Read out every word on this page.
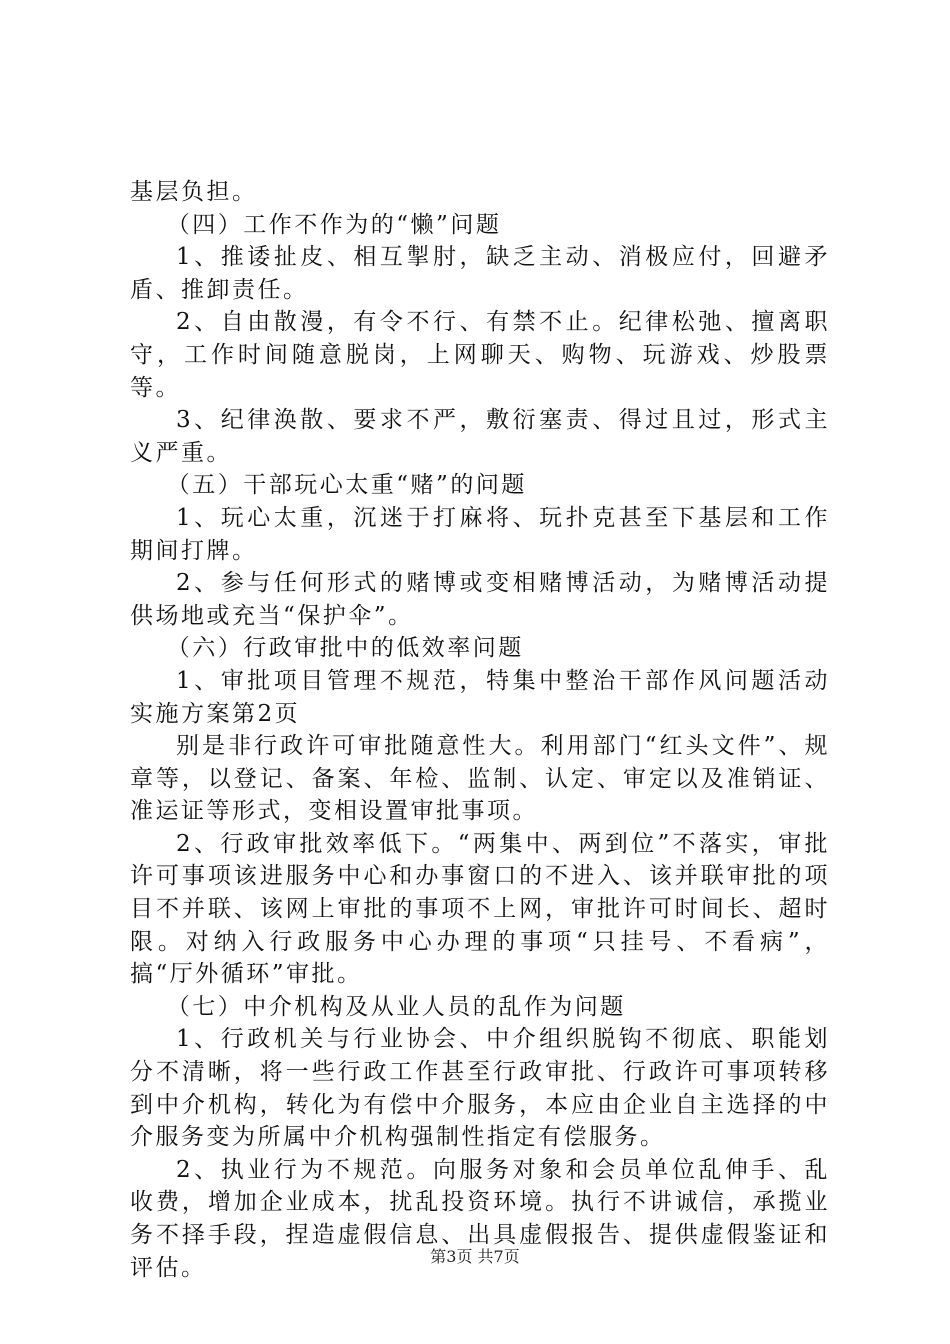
基层负担。

（四）工作不作为的“懒”问题

1、推诿扯皮、相互掣肘，缺乏主动、消极应付，回避矛盾、推卸责任。

2、自由散漫，有令不行、有禁不止。纪律松弛、擅离职守，工作时间随意脱岗，上网聊天、购物、玩游戏、炒股票等。

3、纪律涣散、要求不严，敷衍塞责、得过且过，形式主义严重。

（五）干部玩心太重“赌”的问题

1、玩心太重，沉迷于打麻将、玩扑克甚至下基层和工作期间打牌。

2、参与任何形式的赌博或变相赌博活动，为赌博活动提供场地或充当“保护伞”。

（六）行政审批中的低效率问题

1、审批项目管理不规范，特集中整治干部作风问题活动实施方案第2页

别是非行政许可审批随意性大。利用部门“红头文件”、规章等，以登记、备案、年检、监制、认定、审定以及准销证、准运证等形式，变相设置审批事项。

2、行政审批效率低下。“两集中、两到位”不落实，审批许可事项该进服务中心和办事窗口的不进入、该并联审批的项目不并联、该网上审批的事项不上网，审批许可时间长、超时限。对纳入行政服务中心办理的事项“只挂号、不看病”，搞“厅外循环”审批。

（七）中介机构及从业人员的乱作为问题

1、行政机关与行业协会、中介组织脱钩不彻底、职能划分不清晰，将一些行政工作甚至行政审批、行政许可事项转移到中介机构，转化为有偿中介服务，本应由企业自主选择的中介服务变为所属中介机构强制性指定有偿服务。

2、执业行为不规范。向服务对象和会员单位乱伸手、乱收费，增加企业成本，扰乱投资环境。执行不讲诚信，承揽业务不择手段，捏造虚假信息、出具虚假报告、提供虚假鉴证和评估。	第3页 共7页
